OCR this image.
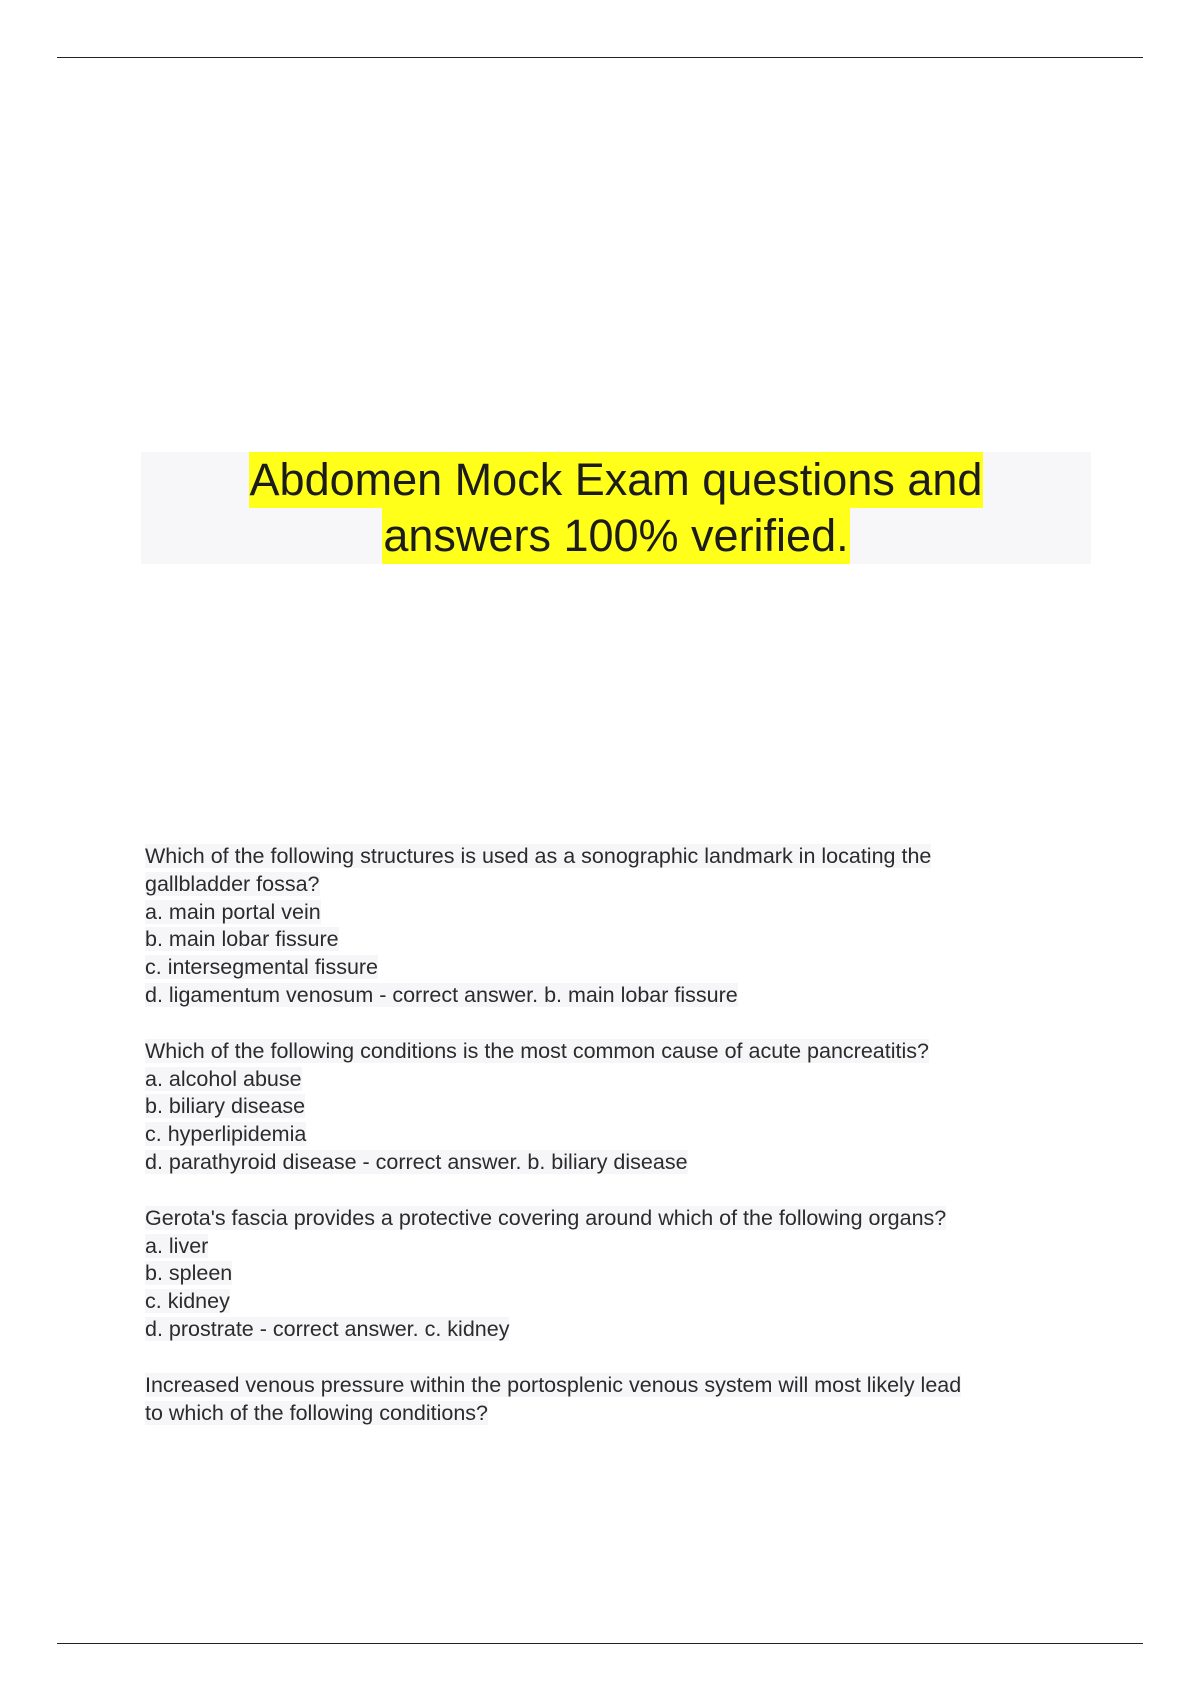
Abdomen Mock Exam questions and
answers 100% verified.
Which of the following structures is used as a sonographic landmark in locating the
gallbladder fossa?
a. main portal vein
b. main lobar fissure
c. intersegmental fissure
d. ligamentum venosum - correct answer. b. main lobar fissure
Which of the following conditions is the most common cause of acute pancreatitis?
a. alcohol abuse
b. biliary disease
c. hyperlipidemia
d. parathyroid disease - correct answer. b. biliary disease
Gerota's fascia provides a protective covering around which of the following organs?
a. liver
b. spleen
c. kidney
d. prostrate - correct answer. c. kidney
Increased venous pressure within the portosplenic venous system will most likely lead
to which of the following conditions?
